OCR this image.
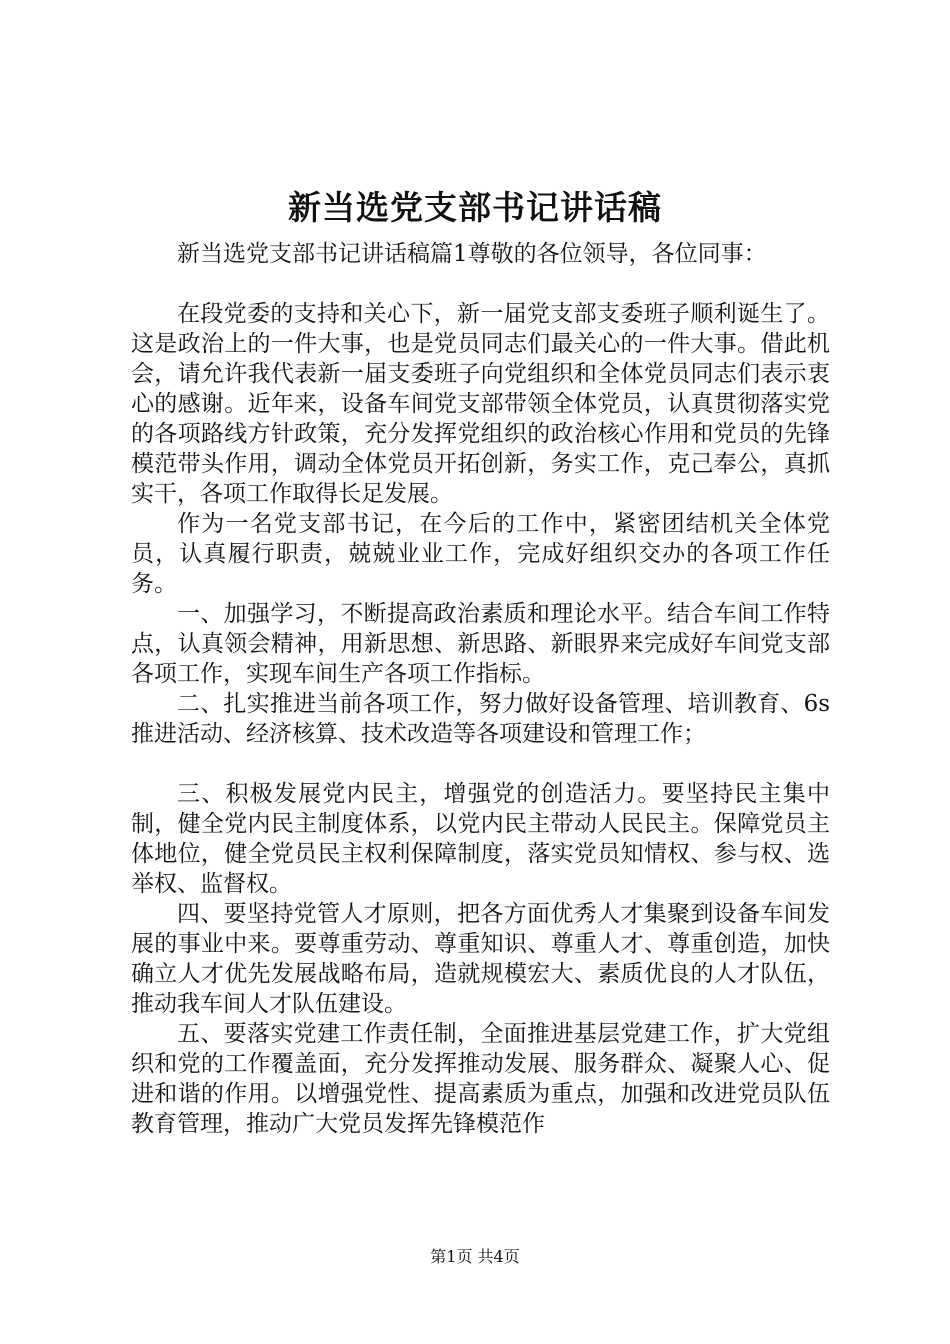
新当选党支部书记讲话稿

新当选党支部书记讲话稿篇1尊敬的各位领导，各位同事：

在段党委的支持和关心下，新一届党支部支委班子顺利诞生了。这是政治上的一件大事，也是党员同志们最关心的一件大事。借此机会，请允许我代表新一届支委班子向党组织和全体党员同志们表示衷心的感谢。近年来，设备车间党支部带领全体党员，认真贯彻落实党的各项路线方针政策，充分发挥党组织的政治核心作用和党员的先锋模范带头作用，调动全体党员开拓创新，务实工作，克己奉公，真抓实干，各项工作取得长足发展。

作为一名党支部书记，在今后的工作中，紧密团结机关全体党员，认真履行职责，兢兢业业工作，完成好组织交办的各项工作任务。

一、加强学习，不断提高政治素质和理论水平。结合车间工作特点，认真领会精神，用新思想、新思路、新眼界来完成好车间党支部各项工作，实现车间生产各项工作指标。

二、扎实推进当前各项工作，努力做好设备管理、培训教育、6s推进活动、经济核算、技术改造等各项建设和管理工作；

三、积极发展党内民主，增强党的创造活力。要坚持民主集中制，健全党内民主制度体系，以党内民主带动人民民主。保障党员主体地位，健全党员民主权利保障制度，落实党员知情权、参与权、选举权、监督权。

四、要坚持党管人才原则，把各方面优秀人才集聚到设备车间发展的事业中来。要尊重劳动、尊重知识、尊重人才、尊重创造，加快确立人才优先发展战略布局，造就规模宏大、素质优良的人才队伍，推动我车间人才队伍建设。

五、要落实党建工作责任制，全面推进基层党建工作，扩大党组织和党的工作覆盖面，充分发挥推动发展、服务群众、凝聚人心、促进和谐的作用。以增强党性、提高素质为重点，加强和改进党员队伍教育管理，推动广大党员发挥先锋模范作

第1页 共4页
